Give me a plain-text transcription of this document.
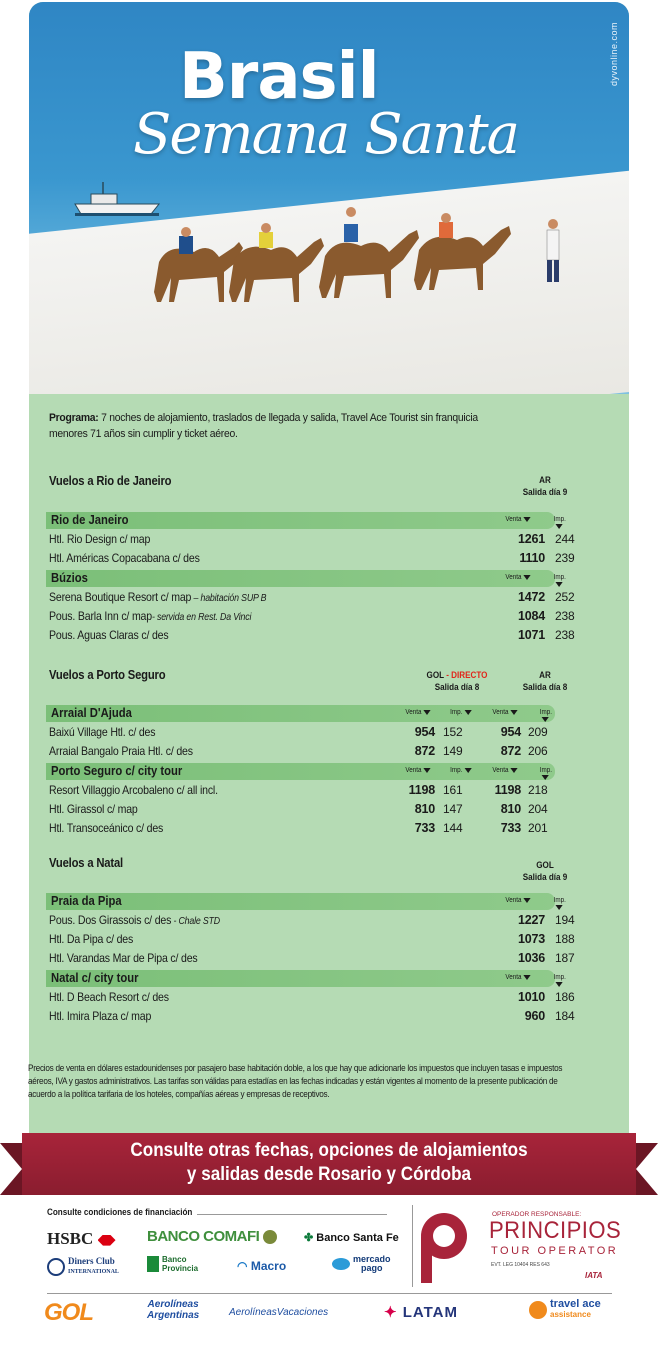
dyvonline.com
Brasil
Semana Santa
Programa: 7 noches de alojamiento, traslados de llegada y salida, Travel Ace Tourist sin franquicia menores 71 años sin cumplir y ticket aéreo.
Vuelos a Rio de Janeiro	AR
Salida día 9
Rio de Janeiro	Venta	Imp.
Htl. Rio Design c/ map	1261 244
Htl. Américas Copacabana c/ des	1110 239
Búzios	Venta	Imp.
Serena Boutique Resort c/ map – habitación SUP B	1472 252
Pous. Barla Inn c/ map- servida en Rest. Da Vinci	1084 238
Pous. Aguas Claras c/ des	1071 238
Vuelos a Porto Seguro	GOL - DIRECTO
Salida día 8
AR
Salida día 8
Arraial D'Ajuda	Venta	Imp.	Venta	Imp.
Baixú Village Htl. c/ des	954 152	954 209
Arraial Bangalo Praia Htl. c/ des	872 149	872 206
Porto Seguro c/ city tour	Venta	Imp.	Venta	Imp.
Resort Villaggio Arcobaleno c/ all incl.	1198 161	1198 218
Htl. Girassol c/ map	810 147	810 204
Htl. Transoceánico c/ des	733 144	733 201
Vuelos a Natal	GOL
Salida día 9
Praia da Pipa	Venta	Imp.
Pous. Dos Girassois c/ des - Chale STD	1227 194
Htl. Da Pipa c/ des	1073 188
Htl. Varandas Mar de Pipa c/ des	1036 187
Natal c/ city tour	Venta	Imp.
Htl. D Beach Resort c/ des	1010 186
Htl. Imira Plaza c/ map	960 184
Precios de venta en dólares estadounidenses por pasajero base habitación doble, a los que hay que adicionarle los impuestos que incluyen tasas e impuestos aéreos, IVA y gastos administrativos. Las tarifas son válidas para estadías en las fechas indicadas y están vigentes al momento de la presente publicación de acuerdo a la política tarifaria de los hoteles, compañías aéreas y empresas de receptivos.
Consulte otras fechas, opciones de alojamientos
y salidas desde Rosario y Córdoba
Consulte condiciones de financiación
HSBC	BANCO COMAFI	✤ Banco Santa Fe
Diners Club
INTERNATIONAL
Banco
Provincia	◠ Macro	mercado
pago
OPERADOR RESPONSABLE:
PRINCIPIOS
TOUR OPERATOR
EVT. LEG 10404 RES 643
IATA
GOL	Aerolíneas
Argentinas	AerolíneasVacaciones	✦ LATAM	travel ace
assistance
